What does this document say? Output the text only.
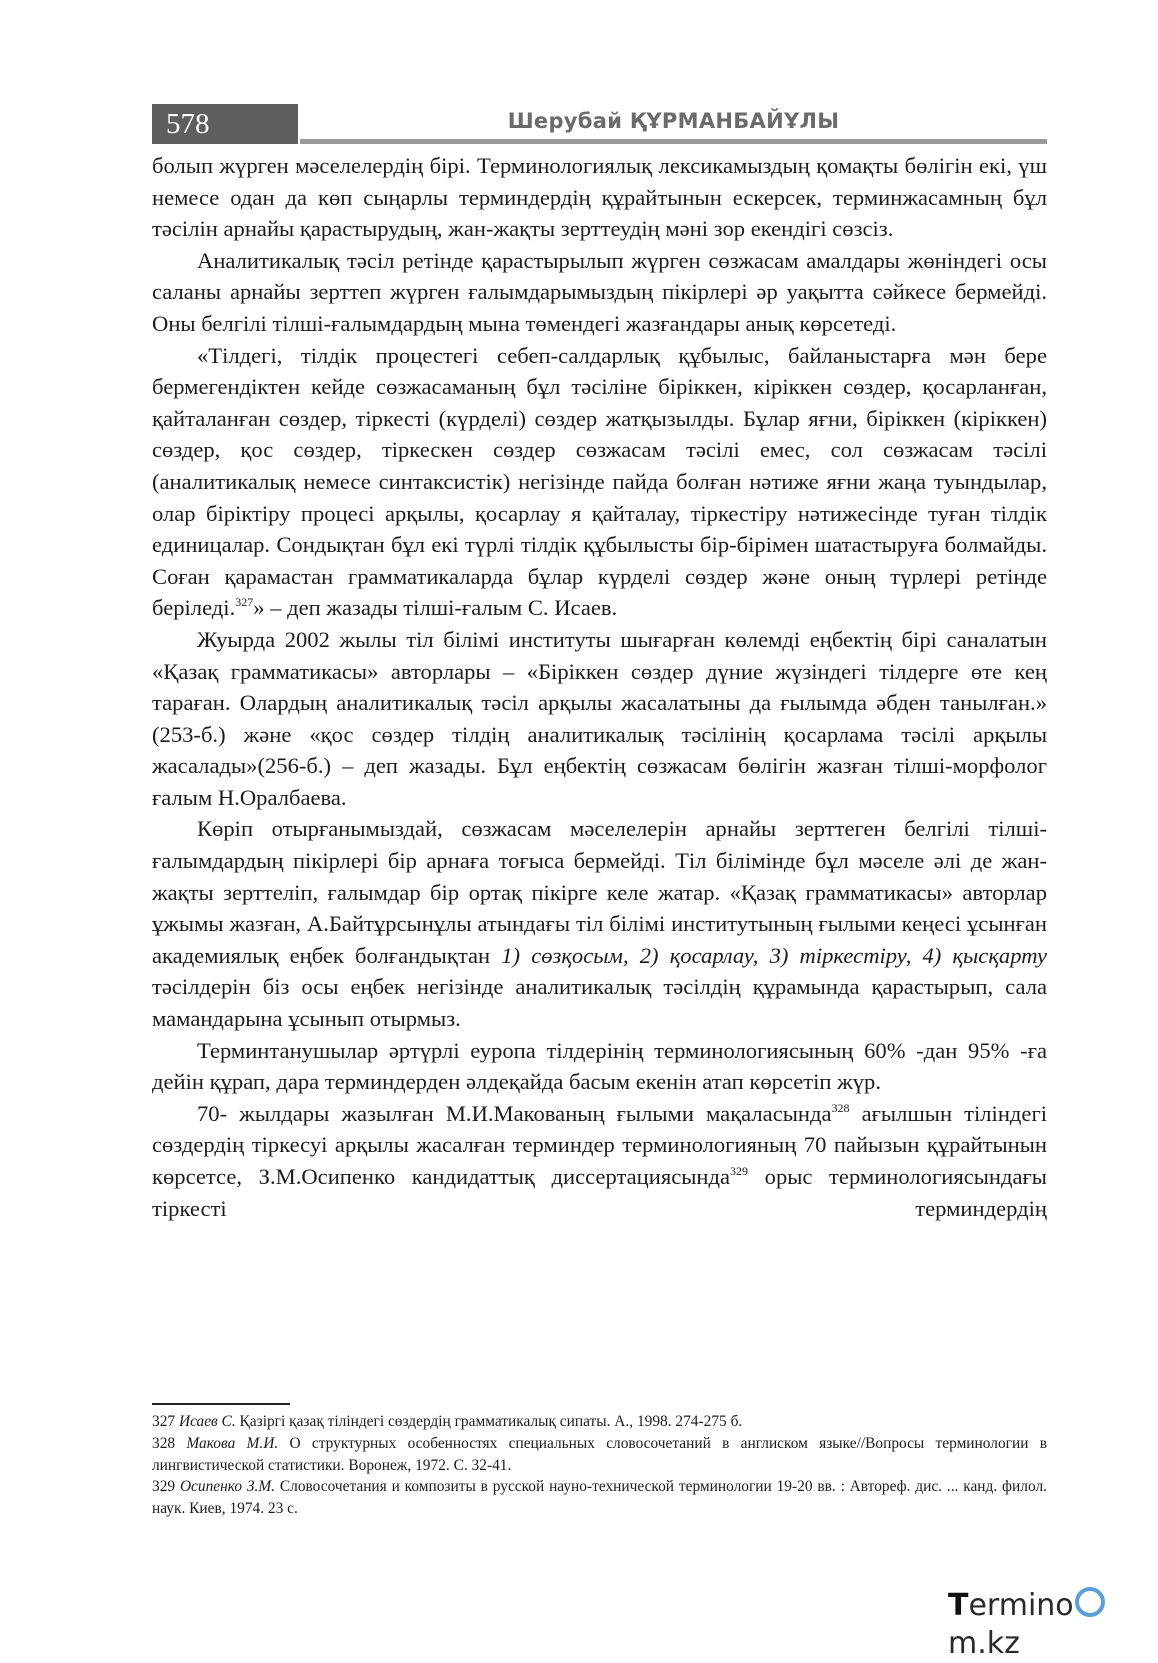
578	Шерубай ҚҰРМАНБАЙҰЛЫ

болып жүрген мәселелердің бірі. Терминологиялық лексикамыздың қомақты бөлігін екі, үш немесе одан да көп сыңарлы терминдердің құрайтынын ескерсек, терминжасамның бұл тәсілін арнайы қарастырудың, жан-жақты зерттеудің мәні зор екендігі сөзсіз.

Аналитикалық тәсіл ретінде қарастырылып жүрген сөзжасам амалдары жөніндегі осы саланы арнайы зерттеп жүрген ғалымдарымыздың пікірлері әр уақытта сәйкесе бермейді. Оны белгілі тілші-ғалымдардың мына төмендегі жазғандары анық көрсетеді.

«Тілдегі, тілдік процестегі себеп-салдарлық құбылыс, байланыстарға мән бере бермегендіктен кейде сөзжасаманың бұл тәсіліне біріккен, кіріккен сөздер, қосарланған, қайталанған сөздер, тіркесті (күрделі) сөздер жатқызылды. Бұлар яғни, біріккен (кіріккен) сөздер, қос сөздер, тіркескен сөздер сөзжасам тәсілі емес, сол сөзжасам тәсілі (аналитикалық немесе синтаксистік) негізінде пайда болған нәтиже яғни жаңа туындылар, олар біріктіру процесі арқылы, қосарлау я қайталау, тіркестіру нәтижесінде туған тілдік единицалар. Сондықтан бұл екі түрлі тілдік құбылысты бір-бірімен шатастыруға болмайды. Соған қарамастан грамматикаларда бұлар күрделі сөздер және оның түрлері ретінде беріледі.$^{327}$» – деп жазады тілші-ғалым С. Исаев.

Жуырда 2002 жылы тіл білімі институты шығарған көлемді еңбектің бірі саналатын «Қазақ грамматикасы» авторлары – «Біріккен сөздер дүние жүзіндегі тілдерге өте кең тараған. Олардың аналитикалық тәсіл арқылы жасалатыны да ғылымда әбден танылған.» (253-б.) және «қос сөздер тілдің аналитикалық тәсілінің қосарлама тәсілі арқылы жасалады»(256-б.) – деп жазады. Бұл еңбектің сөзжасам бөлігін жазған тілші-морфолог ғалым Н.Оралбаева.

Көріп отырғанымыздай, сөзжасам мәселелерін арнайы зерттеген белгілі тілші-ғалымдардың пікірлері бір арнаға тоғыса бермейді. Тіл білімінде бұл мәселе әлі де жан-жақты зерттеліп, ғалымдар бір ортақ пікірге келе жатар. «Қазақ грамматикасы» авторлар ұжымы жазған, А.Байтұрсынұлы атындағы тіл білімі институтының ғылыми кеңесі ұсынған академиялық еңбек болғандықтан 1) сөзқосым, 2) қосарлау, 3) тіркестіру, 4) қысқарту тәсілдерін біз осы еңбек негізінде аналитикалық тәсілдің құрамында қарастырып, сала мамандарына ұсынып отырмыз.

Терминтанушылар әртүрлі еуропа тілдерінің терминологиясының 60% -дан 95% -ға дейін құрап, дара терминдерден әлдеқайда басым екенін атап көрсетіп жүр.

70- жылдары жазылған М.И.Макованың ғылыми мақаласында$^{328}$ ағылшын тіліндегі сөздердің тіркесуі арқылы жасалған терминдер терминологияның 70 пайызын құрайтынын көрсетсе, З.М.Осипенко кандидаттық диссертациясында$^{329}$ орыс терминологиясындағы тіркесті терминдердің

327 Исаев С. Қазіргі қазақ тіліндегі сөздердің грамматикалық сипаты. А., 1998. 274-275 б.

328 Макова М.И. О структурных особенностях специальных словосочетаний в англиском языке//Вопросы терминологии в лингвистической статистики. Воронеж, 1972. С. 32-41.

329 Осипенко З.М. Словосочетания и композиты в русской науно-технической терминологии 19-20 вв. : Автореф. дис. ... канд. филол. наук. Киев, 1974. 23 с.

Terminom.kz
